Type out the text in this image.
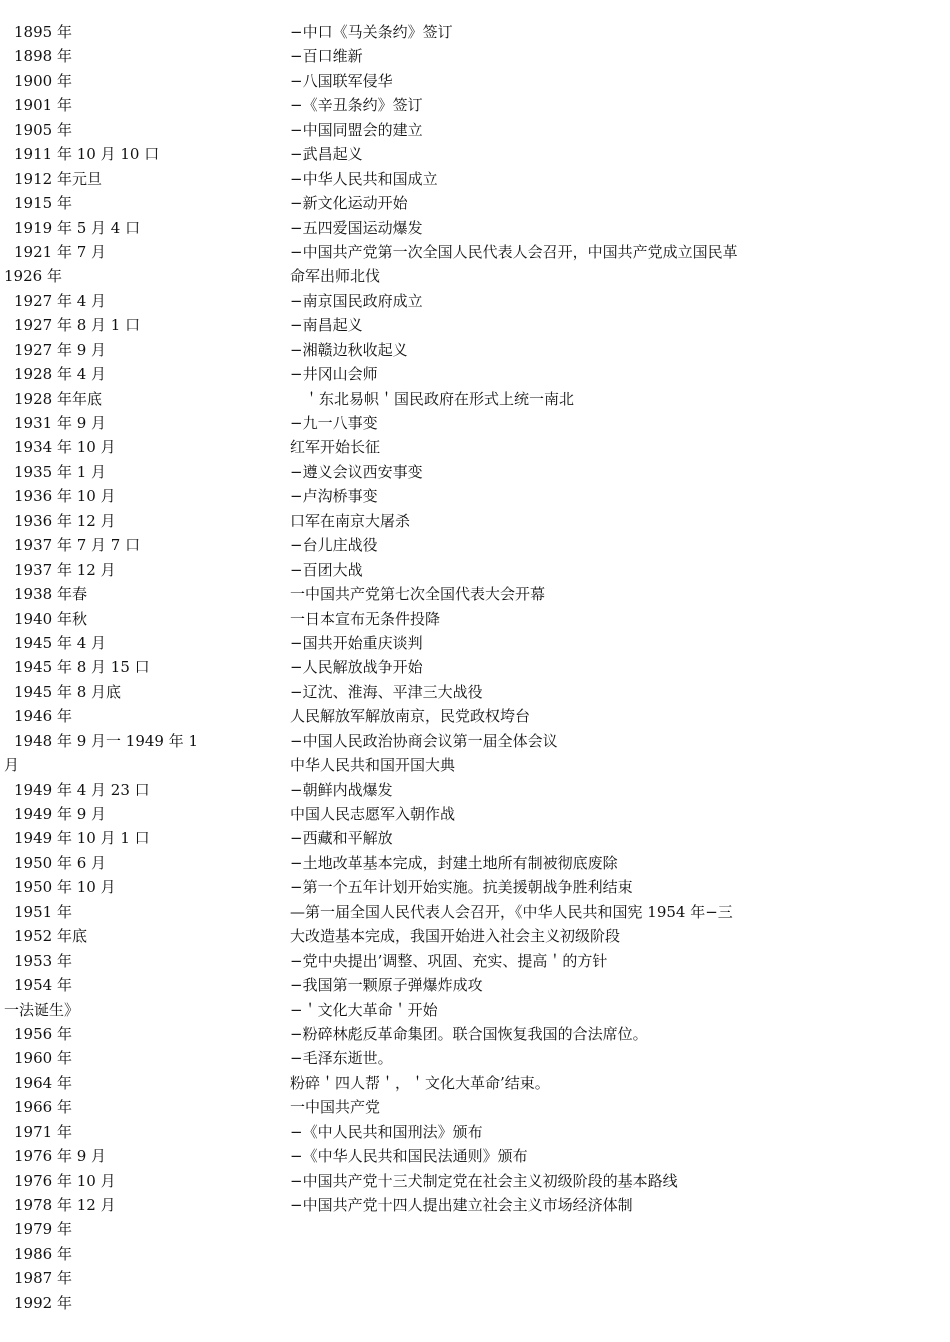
1895 年
1898 年
1900 年
1901 年
1905 年
1911 年 10 月 10 口
1912 年元旦
1915 年
1919 年 5 月 4 口
1921 年 7 月
1926 年
1927 年 4 月
1927 年 8 月 1 口
1927 年 9 月
1928 年 4 月
1928 年年底
1931 年 9 月
1934 年 10 月
1935 年 1 月
1936 年 10 月
1936 年 12 月
1937 年 7 月 7 口
1937 年 12 月
1938 年春
1940 年秋
1945 年 4 月
1945 年 8 月 15 口
1945 年 8 月底
1946 年
1948 年 9 月一 1949 年 1
月
1949 年 4 月 23 口
1949 年 9 月
1949 年 10 月 1 口
1950 年 6 月
1950 年 10 月
1951 年
1952 年底
1953 年
1954 年
一法诞生》
1956 年
1960 年
1964 年
1966 年
1971 年
1976 年 9 月
1976 年 10 月
1978 年 12 月
1979 年
1986 年
1987 年
1992 年
−中口《马关条约》签订
−百口维新
−八国联军侵华
−《辛丑条约》签订
−中国同盟会的建立
−武昌起义
−中华人民共和国成立
−新文化运动开始
−五四爱国运动爆发
−中国共产党第一次全国人民代表人会召开，中国共产党成立国民革
命军出师北伐
−南京国民政府成立
−南昌起义
−湘赣边秋收起义
−井冈山会师
＇东北易帜＇国民政府在形式上统一南北
−九一八事变
红军开始长征
−遵义会议西安事变
−卢沟桥事变
口军在南京大屠杀
−台儿庄战役
−百团大战
一中国共产党第七次全国代表大会开幕
一日本宣布无条件投降
−国共开始重庆谈判
−人民解放战争开始
−辽沈、淮海、平津三大战役
人民解放军解放南京，民党政权垮台
−中国人民政治协商会议第一届全体会议
中华人民共和国开国大典
−朝鲜内战爆发
中国人民志愿军入朝作战
−西藏和平解放
−土地改革基本完成，封建土地所有制被彻底废除
−第一个五年计划开始实施。抗美援朝战争胜利结束
—第一届全国人民代表人会召开，《中华人民共和国宪 1954 年−三
大改造基本完成，我国开始进入社会主义初级阶段
−党中央提出’调整、巩固、充实、提高＇的方针
−我国第一颗原子弹爆炸成攻
−＇文化大革命＇开始
−粉碎林彪反革命集团。联合国恢复我国的合法席位。
−毛泽东逝世。
粉碎＇四人帮＇，＇文化大革命’结束。
一中国共产党
−《中人民共和国刑法》颁布
−《中华人民共和国民法通则》颁布
−中国共产党十三犬制定党在社会主义初级阶段的基本路线
−中国共产党十四人提出建立社会主义市场经济体制
